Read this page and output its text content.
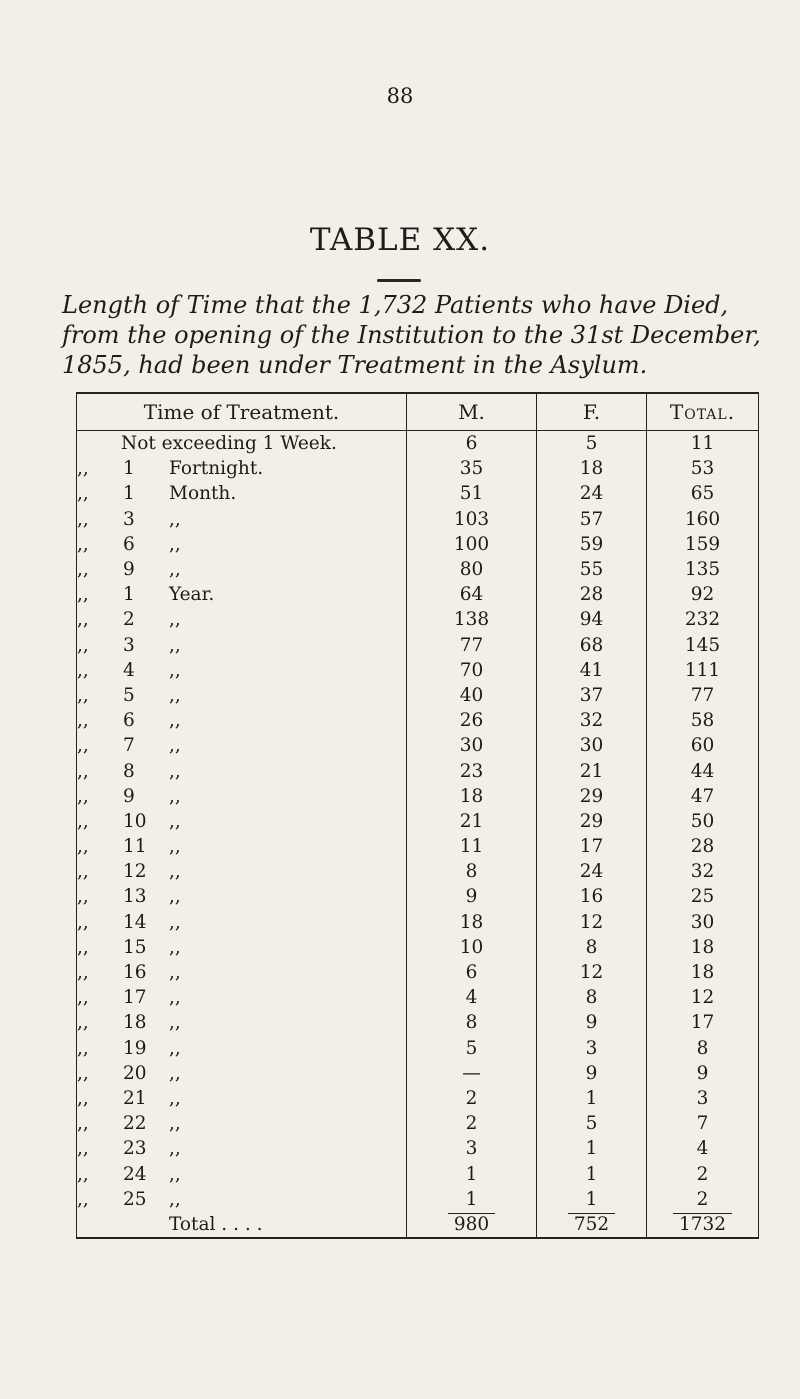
88
TABLE XX.

Length of Time that the 1,732 Patients who have Died, from the opening of the Institution to the 31st December, 1855, had been under Treatment in the Asylum.

Time of Treatment.	M.	F.	Total.
Not exceeding 1 Week.	6	5	11
,, 1 Fortnight.	35	18	53
,, 1 Month.	51	24	65
,, 3 ,,	103	57	160
,, 6 ,,	100	59	159
,, 9 ,,	80	55	135
,, 1 Year.	64	28	92
,, 2 ,,	138	94	232
,, 3 ,,	77	68	145
,, 4 ,,	70	41	111
,, 5 ,,	40	37	77
,, 6 ,,	26	32	58
,, 7 ,,	30	30	60
,, 8 ,,	23	21	44
,, 9 ,,	18	29	47
,, 10 ,,	21	29	50
,, 11 ,,	11	17	28
,, 12 ,,	8	24	32
,, 13 ,,	9	16	25
,, 14 ,,	18	12	30
,, 15 ,,	10	8	18
,, 16 ,,	6	12	18
,, 17 ,,	4	8	12
,, 18 ,,	8	9	17
,, 19 ,,	5	3	8
,, 20 ,,	—	9	9
,, 21 ,,	2	1	3
,, 22 ,,	2	5	7
,, 23 ,,	3	1	4
,, 24 ,,	1	1	2
,, 25 ,,	1	1	2
Total . . . .	980	752	1732
